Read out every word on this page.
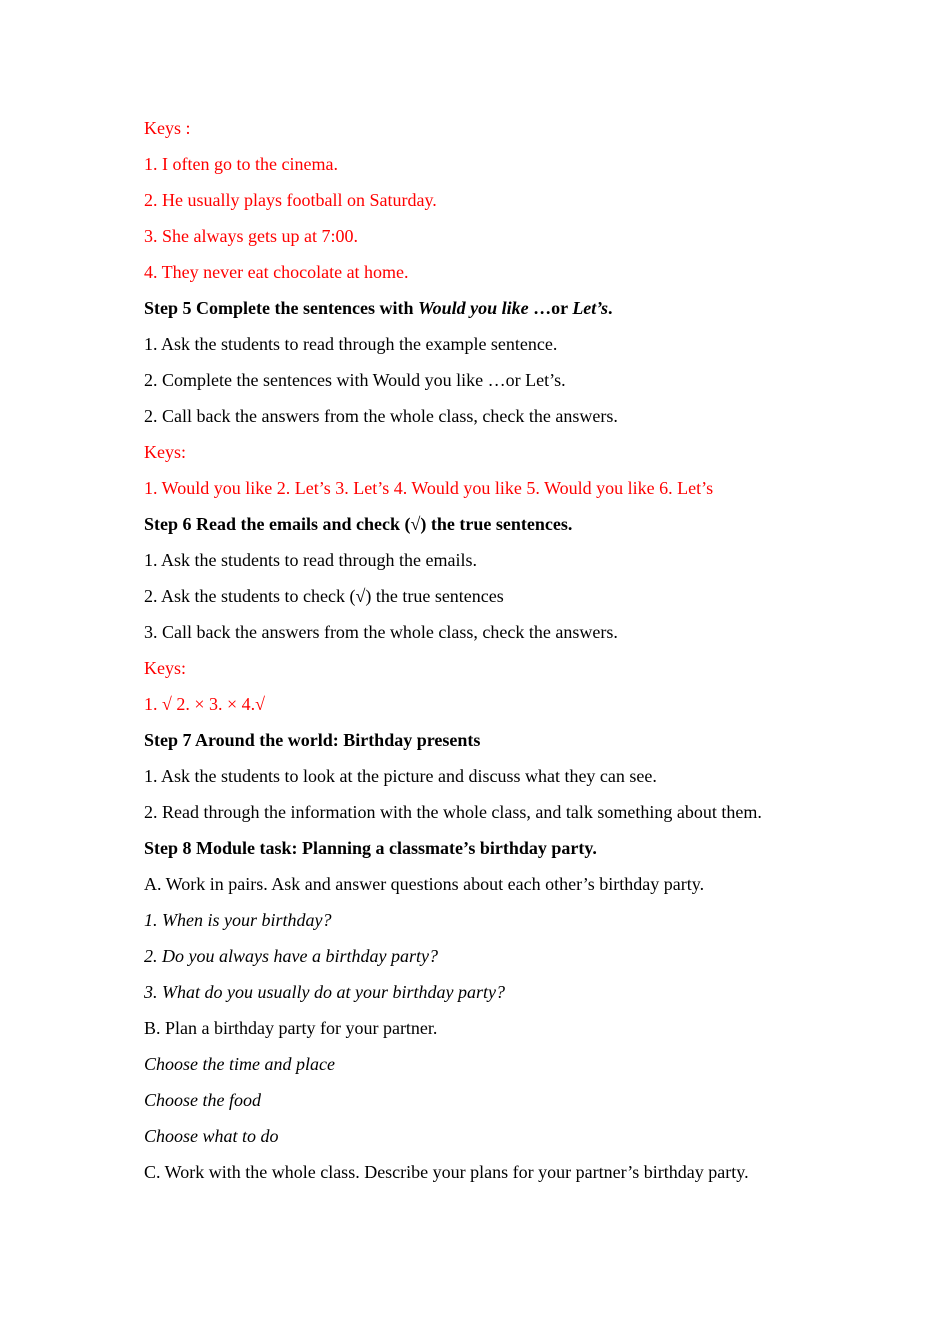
Keys :
1. I often go to the cinema.
2. He usually plays football on Saturday.
3. She always gets up at 7:00.
4. They never eat chocolate at home.
Step 5 Complete the sentences with Would you like …or Let’s.
1. Ask the students to read through the example sentence.
2. Complete the sentences with Would you like …or Let’s.
2. Call back the answers from the whole class, check the answers.
Keys:
1. Would you like 2. Let’s 3. Let’s 4. Would you like 5. Would you like 6. Let’s
Step 6 Read the emails and check (√) the true sentences.
1. Ask the students to read through the emails.
2. Ask the students to check (√) the true sentences
3. Call back the answers from the whole class, check the answers.
Keys:
1. √ 2. × 3. × 4.√
Step 7 Around the world: Birthday presents
1. Ask the students to look at the picture and discuss what they can see.
2. Read through the information with the whole class, and talk something about them.
Step 8 Module task: Planning a classmate’s birthday party.
A. Work in pairs. Ask and answer questions about each other’s birthday party.
1. When is your birthday?
2. Do you always have a birthday party?
3. What do you usually do at your birthday party?
B. Plan a birthday party for your partner.
Choose the time and place
Choose the food
Choose what to do
C. Work with the whole class. Describe your plans for your partner’s birthday party.
